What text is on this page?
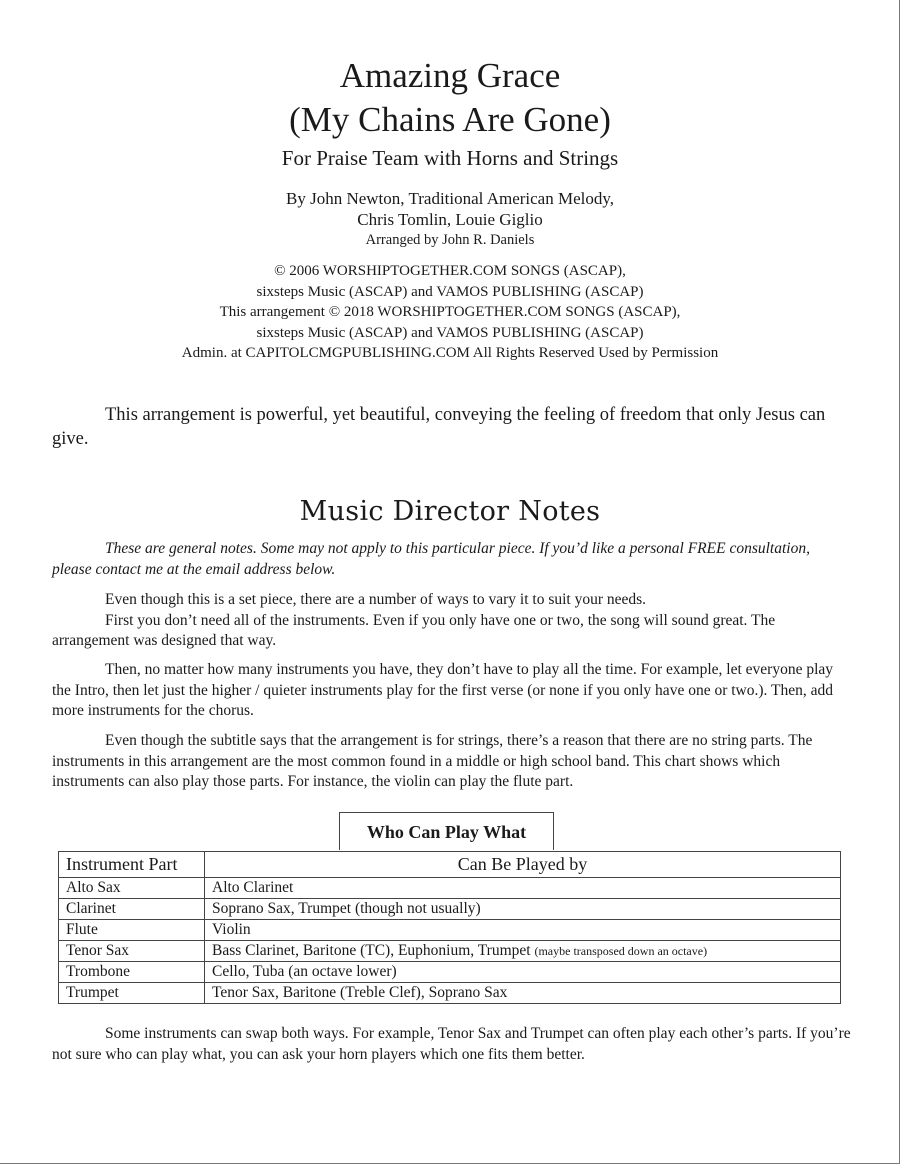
Amazing Grace
(My Chains Are Gone)
For Praise Team with Horns and Strings
By John Newton, Traditional American Melody,
Chris Tomlin, Louie Giglio
Arranged by John R. Daniels
© 2006 WORSHIPTOGETHER.COM SONGS (ASCAP),
sixsteps Music (ASCAP) and VAMOS PUBLISHING (ASCAP)
This arrangement © 2018 WORSHIPTOGETHER.COM SONGS (ASCAP),
sixsteps Music (ASCAP) and VAMOS PUBLISHING (ASCAP)
Admin. at CAPITOLCMGPUBLISHING.COM All Rights Reserved Used by Permission
This arrangement is powerful, yet beautiful, conveying the feeling of freedom that only Jesus can give.
Music Director Notes
These are general notes. Some may not apply to this particular piece. If you’d like a personal FREE consultation, please contact me at the email address below.
Even though this is a set piece, there are a number of ways to vary it to suit your needs.
First you don’t need all of the instruments. Even if you only have one or two, the song will sound great. The arrangement was designed that way.
Then, no matter how many instruments you have, they don’t have to play all the time. For example, let everyone play the Intro, then let just the higher / quieter instruments play for the first verse (or none if you only have one or two.). Then, add more instruments for the chorus.
Even though the subtitle says that the arrangement is for strings, there’s a reason that there are no string parts. The instruments in this arrangement are the most common found in a middle or high school band. This chart shows which instruments can also play those parts. For instance, the violin can play the flute part.
Who Can Play What
Instrument Part	Can Be Played by
Alto Sax	Alto Clarinet
Clarinet	Soprano Sax, Trumpet (though not usually)
Flute	Violin
Tenor Sax	Bass Clarinet, Baritone (TC), Euphonium, Trumpet (maybe transposed down an octave)
Trombone	Cello, Tuba (an octave lower)
Trumpet	Tenor Sax, Baritone (Treble Clef), Soprano Sax
Some instruments can swap both ways. For example, Tenor Sax and Trumpet can often play each other’s parts. If you’re not sure who can play what, you can ask your horn players which one fits them better.
